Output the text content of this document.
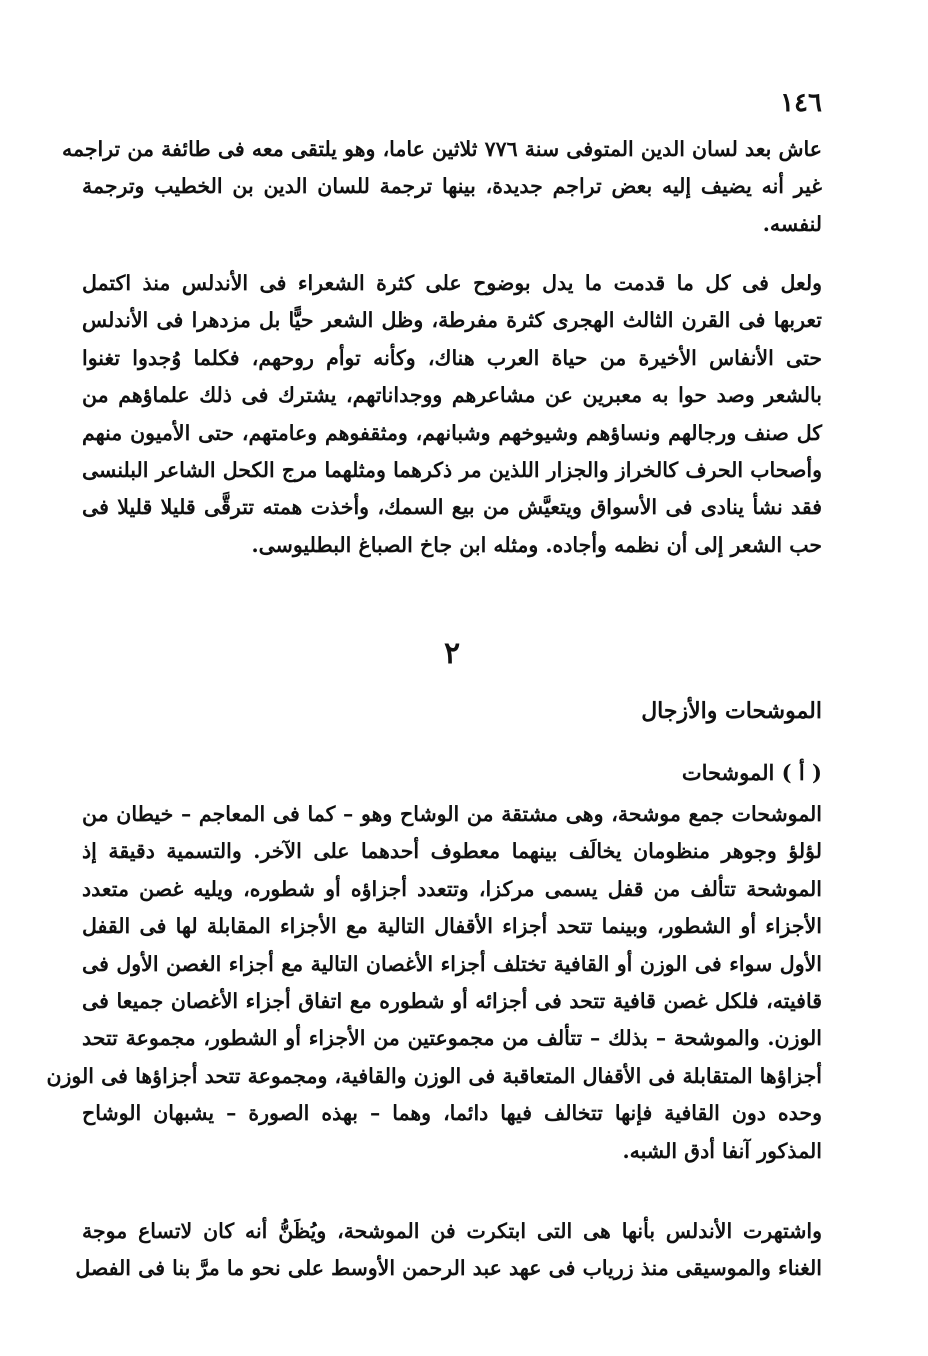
١٤٦

عاش بعد لسان الدين المتوفى سنة ٧٧٦ ثلاثين عاما، وهو يلتقى معه فى طائفة من تراجمه
غير أنه يضيف إليه بعض تراجم جديدة، بينها ترجمة للسان الدين بن الخطيب وترجمة
لنفسه.

ولعل فى كل ما قدمت ما يدل بوضوح على كثرة الشعراء فى الأندلس منذ اكتمل
تعربها فى القرن الثالث الهجرى كثرة مفرطة، وظل الشعر حيًّا بل مزدهرا فى الأندلس
حتى الأنفاس الأخيرة من حياة العرب هناك، وكأنه توأم روحهم، فكلما وُجدوا تغنوا
بالشعر وصد حوا به معبرين عن مشاعرهم ووجداناتهم، يشترك فى ذلك علماؤهم من
كل صنف ورجالهم ونساؤهم وشيوخهم وشبانهم، ومثقفوهم وعامتهم، حتى الأميون منهم
وأصحاب الحرف كالخراز والجزار اللذين مر ذكرهما ومثلهما مرج الكحل الشاعر البلنسى
فقد نشأ ينادى فى الأسواق ويتعيَّش من بيع السمك، وأخذت همته تترقَّى قليلا قليلا فى
حب الشعر إلى أن نظمه وأجاده. ومثله ابن جاخ الصباغ البطليوسى.

٢
الموشحات والأزجال
( أ ) الموشحات

الموشحات جمع موشحة، وهى مشتقة من الوشاح وهو – كما فى المعاجم – خيطان من
لؤلؤ وجوهر منظومان يخالَف بينهما معطوف أحدهما على الآخر. والتسمية دقيقة إذ
الموشحة تتألف من قفل يسمى مركزا، وتتعدد أجزاؤه أو شطوره، ويليه غصن متعدد
الأجزاء أو الشطور، وبينما تتحد أجزاء الأقفال التالية مع الأجزاء المقابلة لها فى القفل
الأول سواء فى الوزن أو القافية تختلف أجزاء الأغصان التالية مع أجزاء الغصن الأول فى
قافيته، فلكل غصن قافية تتحد فى أجزائه أو شطوره مع اتفاق أجزاء الأغصان جميعا فى
الوزن. والموشحة – بذلك – تتألف من مجموعتين من الأجزاء أو الشطور، مجموعة تتحد
أجزاؤها المتقابلة فى الأقفال المتعاقبة فى الوزن والقافية، ومجموعة تتحد أجزاؤها فى الوزن
وحده دون القافية فإنها تتخالف فيها دائما، وهما – بهذه الصورة – يشبهان الوشاح
المذكور آنفا أدق الشبه.

واشتهرت الأندلس بأنها هى التى ابتكرت فن الموشحة، ويُظَنُّ أنه كان لاتساع موجة
الغناء والموسيقى منذ زرياب فى عهد عبد الرحمن الأوسط على نحو ما مرَّ بنا فى الفصل
